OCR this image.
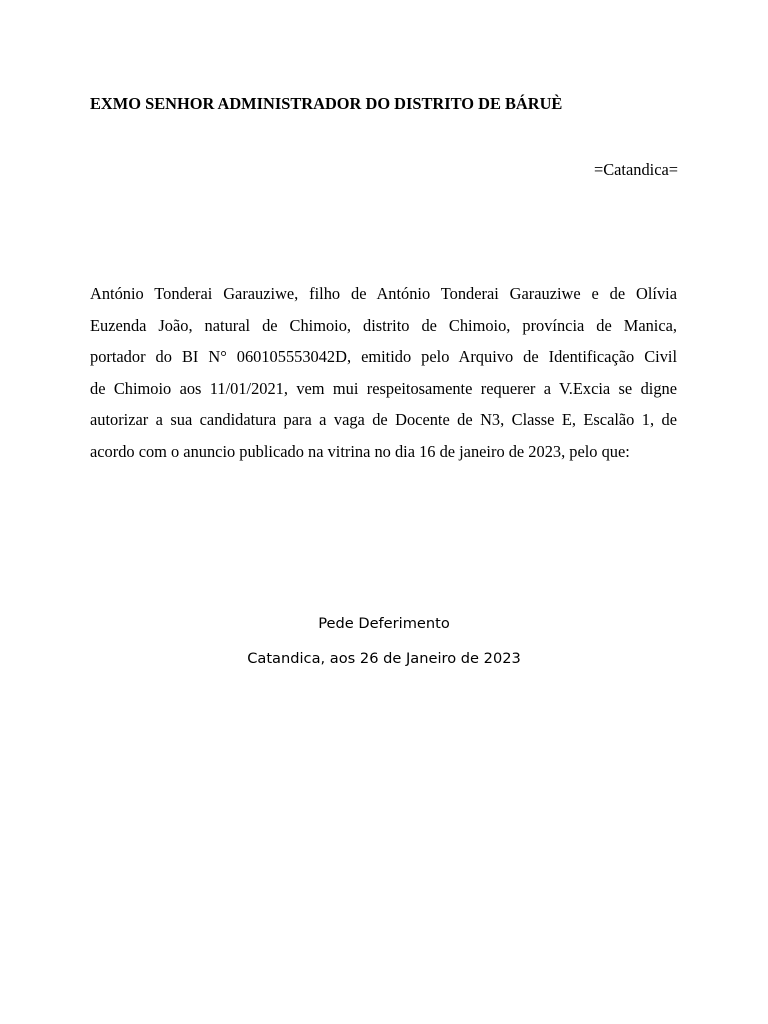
EXMO SENHOR ADMINISTRADOR DO DISTRITO DE BÁRUÈ
=Catandica=
António Tonderai Garauziwe, filho de António Tonderai Garauziwe e de Olívia
Euzenda João, natural de Chimoio, distrito de Chimoio, província de Manica,
portador do BI N° 060105553042D, emitido pelo Arquivo de Identificação Civil
de Chimoio aos 11/01/2021, vem mui respeitosamente requerer a V.Excia se digne
autorizar a sua candidatura para a vaga de Docente de N3, Classe E, Escalão 1, de
acordo com o anuncio publicado na vitrina no dia 16 de janeiro de 2023, pelo que:
Pede Deferimento
Catandica, aos 26 de Janeiro de 2023
